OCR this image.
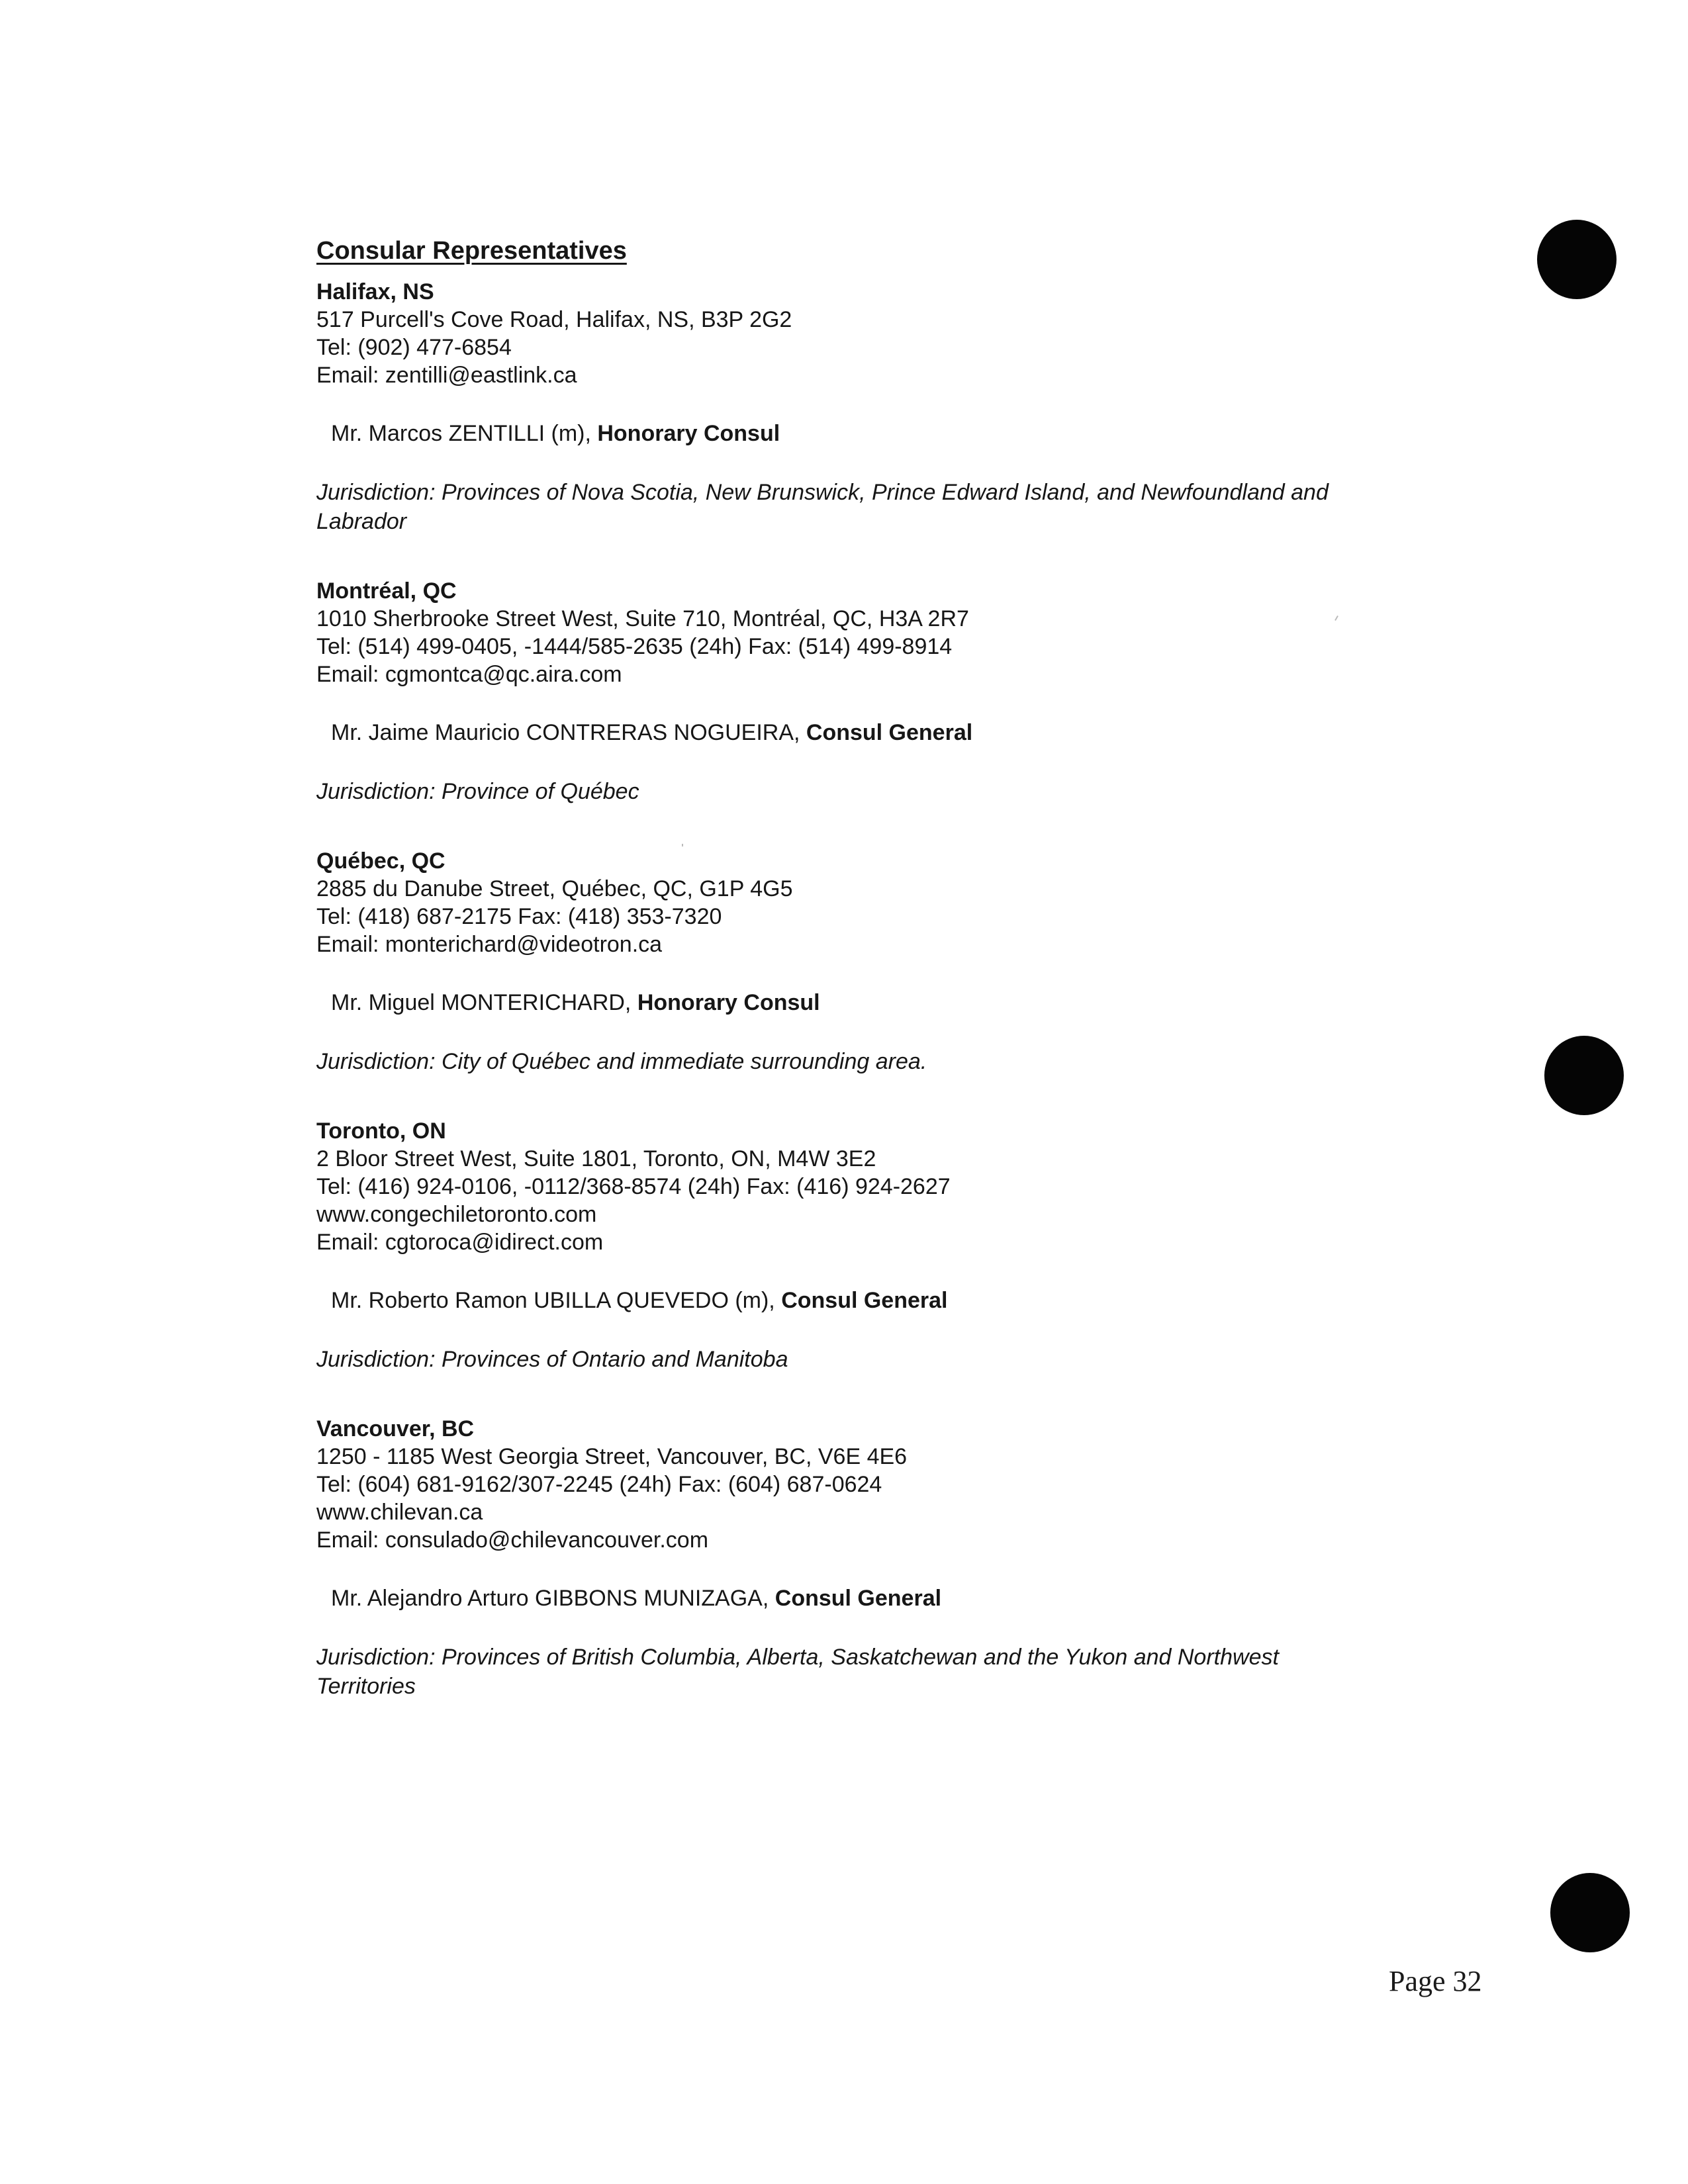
Consular Representatives
Halifax, NS
517 Purcell's Cove Road, Halifax, NS, B3P 2G2
Tel: (902) 477-6854
Email: zentilli@eastlink.ca
Mr. Marcos ZENTILLI (m), Honorary Consul
Jurisdiction: Provinces of Nova Scotia, New Brunswick, Prince Edward Island, and Newfoundland and Labrador
Montréal, QC
1010 Sherbrooke Street West, Suite 710, Montréal, QC, H3A 2R7
Tel: (514) 499-0405, -1444/585-2635 (24h) Fax: (514) 499-8914
Email: cgmontca@qc.aira.com
Mr. Jaime Mauricio CONTRERAS NOGUEIRA, Consul General
Jurisdiction: Province of Québec
Québec, QC
2885 du Danube Street, Québec, QC, G1P 4G5
Tel: (418) 687-2175 Fax: (418) 353-7320
Email: monterichard@videotron.ca
Mr. Miguel MONTERICHARD, Honorary Consul
Jurisdiction: City of Québec and immediate surrounding area.
Toronto, ON
2 Bloor Street West, Suite 1801, Toronto, ON, M4W 3E2
Tel: (416) 924-0106, -0112/368-8574 (24h) Fax: (416) 924-2627
www.congechiletoronto.com
Email: cgtoroca@idirect.com
Mr. Roberto Ramon UBILLA QUEVEDO (m), Consul General
Jurisdiction: Provinces of Ontario and Manitoba
Vancouver, BC
1250 - 1185 West Georgia Street, Vancouver, BC, V6E 4E6
Tel: (604) 681-9162/307-2245 (24h) Fax: (604) 687-0624
www.chilevan.ca
Email: consulado@chilevancouver.com
Mr. Alejandro Arturo GIBBONS MUNIZAGA, Consul General
Jurisdiction: Provinces of British Columbia, Alberta, Saskatchewan and the Yukon and Northwest Territories
Page 32
